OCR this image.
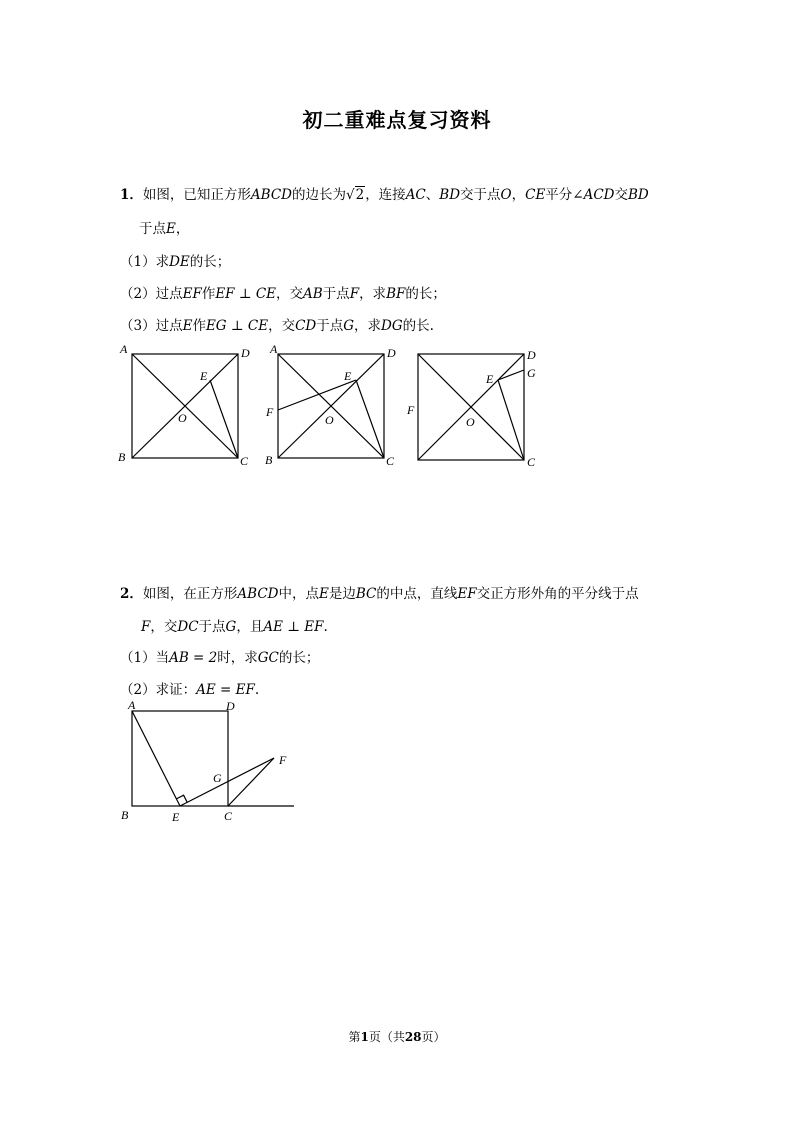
初二重难点复习资料
1．如图，已知正方形ABCD的边长为√2，连接AC、BD交于点O，CE平分∠ACD交BD
于点E，
（1）求DE的长；
（2）过点EF作EF ⊥ CE，交AB于点F，求BF的长；
（3）过点E作EG ⊥ CE，交CD于点G，求DG的长.
A
B	C
D
E
O
A
B	C
D
E
F
O
F
C
D
G
E
O
2．如图，在正方形ABCD中，点E是边BC的中点，直线EF交正方形外角的平分线于点
F，交DC于点G，且AE ⊥ EF.
（1）当AB = 2时，求GC的长；
（2）求证：AE = EF.
A	D
F
G
B	E	C
第1页（共28页）
